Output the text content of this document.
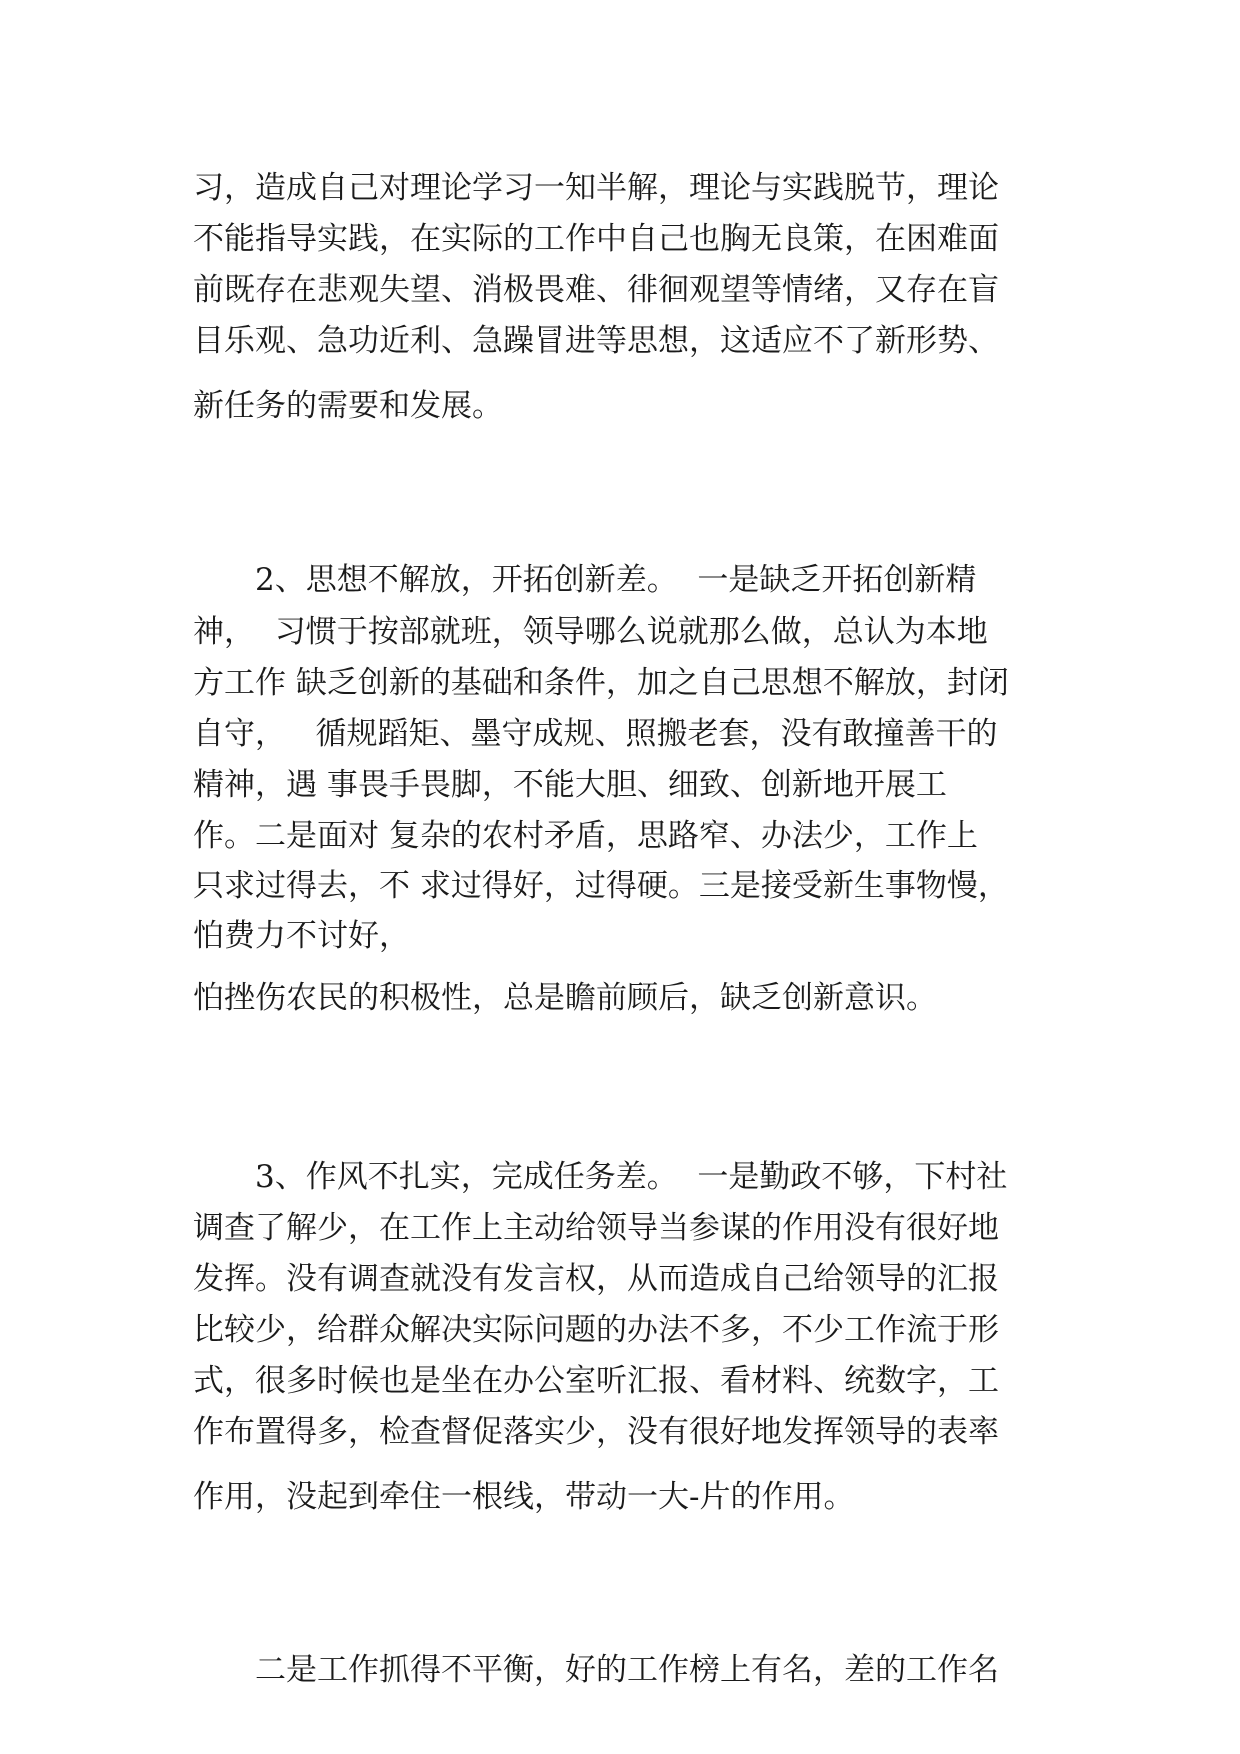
习，造成自己对理论学习一知半解，理论与实践脱节，理论
不能指导实践，在实际的工作中自己也胸无良策，在困难面
前既存在悲观失望、消极畏难、徘徊观望等情绪，又存在盲
目乐观、急功近利、急躁冒进等思想，这适应不了新形势、
新任务的需要和发展。
2、思想不解放，开拓创新差。  一是缺乏开拓创新精
神，  习惯于按部就班，领导哪么说就那么做，总认为本地
方工作 缺乏创新的基础和条件，加之自己思想不解放，封闭
自守，   循规蹈矩、墨守成规、照搬老套，没有敢撞善干的
精神，遇 事畏手畏脚，不能大胆、细致、创新地开展工
作。二是面对 复杂的农村矛盾，思路窄、办法少，工作上
只求过得去，不 求过得好，过得硬。三是接受新生事物慢，
怕费力不讨好，
怕挫伤农民的积极性，总是瞻前顾后，缺乏创新意识。
3、作风不扎实，完成任务差。  一是勤政不够，下村社
调查了解少，在工作上主动给领导当参谋的作用没有很好地
发挥。没有调查就没有发言权，从而造成自己给领导的汇报
比较少，给群众解决实际问题的办法不多，不少工作流于形
式，很多时候也是坐在办公室听汇报、看材料、统数字，工
作布置得多，检查督促落实少，没有很好地发挥领导的表率
作用，没起到牵住一根线，带动一大-片的作用。
二是工作抓得不平衡，好的工作榜上有名，差的工作名
